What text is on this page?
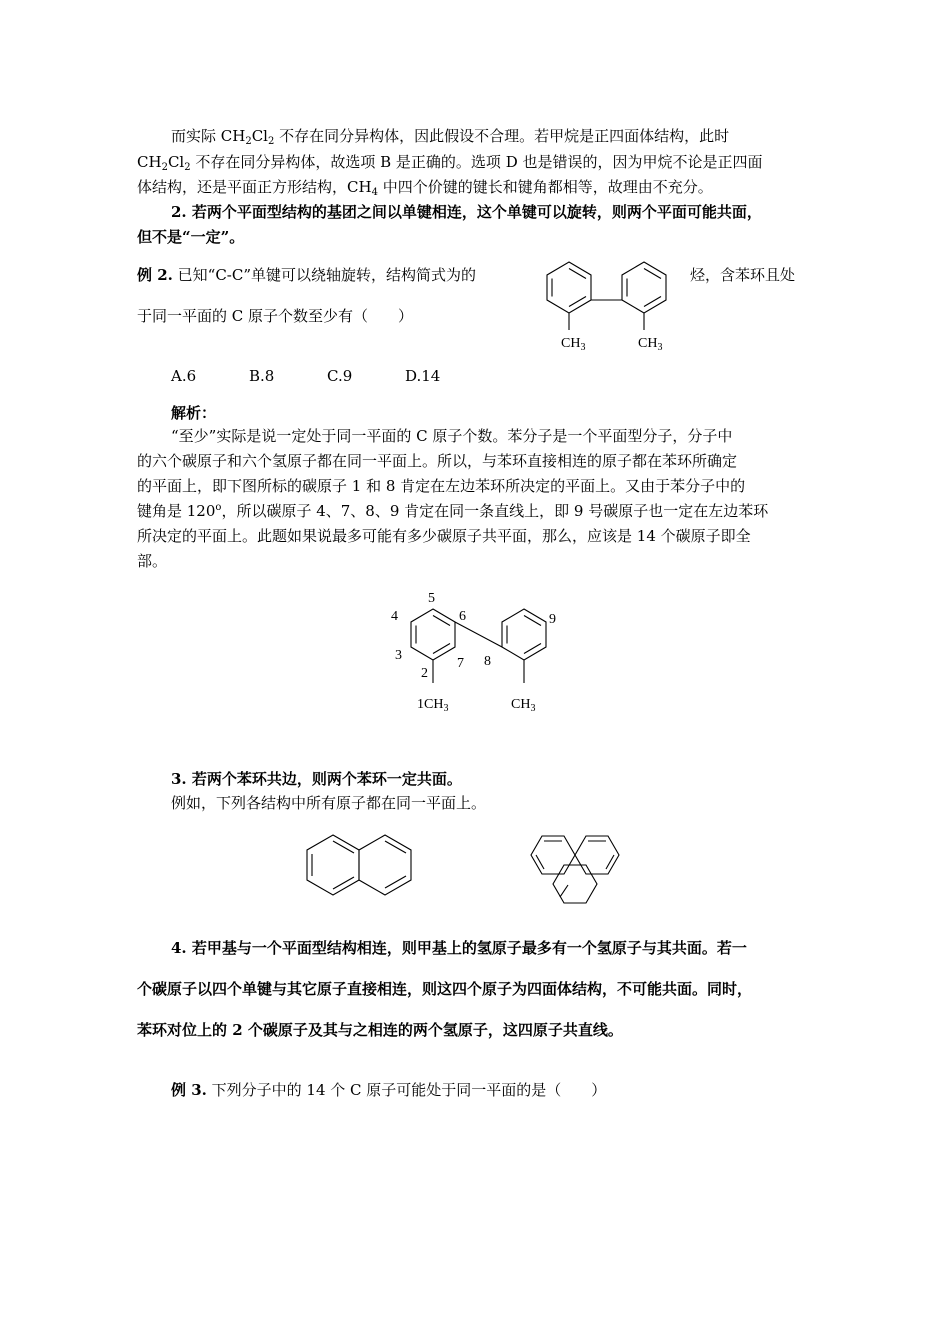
而实际 $CH_2Cl_2$ 不存在同分异构体，因此假设不合理。若甲烷是正四面体结构，此时
$CH_2Cl_2$ 不存在同分异构体，故选项 B 是正确的。选项 D 也是错误的，因为甲烷不论是正四面
体结构，还是平面正方形结构，$CH_4$ 中四个价键的键长和键角都相等，故理由不充分。
2. 若两个平面型结构的基团之间以单键相连，这个单键可以旋转，则两个平面可能共面，
但不是“一定”。
例 2. 已知“C-C”单键可以绕轴旋转，结构简式为的	烃，含苯环且处
于同一平面的 C 原子个数至少有（　　）
$CH_3$	$CH_3$
A.6	B.8	C.9	D.14
解析：
“至少”实际是说一定处于同一平面的 C 原子个数。苯分子是一个平面型分子，分子中
的六个碳原子和六个氢原子都在同一平面上。所以，与苯环直接相连的原子都在苯环所确定
的平面上，即下图所标的碳原子 1 和 8 肯定在左边苯环所决定的平面上。又由于苯分子中的
键角是 120$^o$，所以碳原子 4、7、8、9 肯定在同一条直线上，即 9 号碳原子也一定在左边苯环
所决定的平面上。此题如果说最多可能有多少碳原子共平面，那么，应该是 14 个碳原子即全
部。
5
4	6
3
2
7 8
9
$1CH_3$	$CH_3$
3. 若两个苯环共边，则两个苯环一定共面。
例如，下列各结构中所有原子都在同一平面上。
4. 若甲基与一个平面型结构相连，则甲基上的氢原子最多有一个氢原子与其共面。若一
个碳原子以四个单键与其它原子直接相连，则这四个原子为四面体结构，不可能共面。同时，
苯环对位上的 2 个碳原子及其与之相连的两个氢原子，这四原子共直线。
例 3. 下列分子中的 14 个 C 原子可能处于同一平面的是（　　）
